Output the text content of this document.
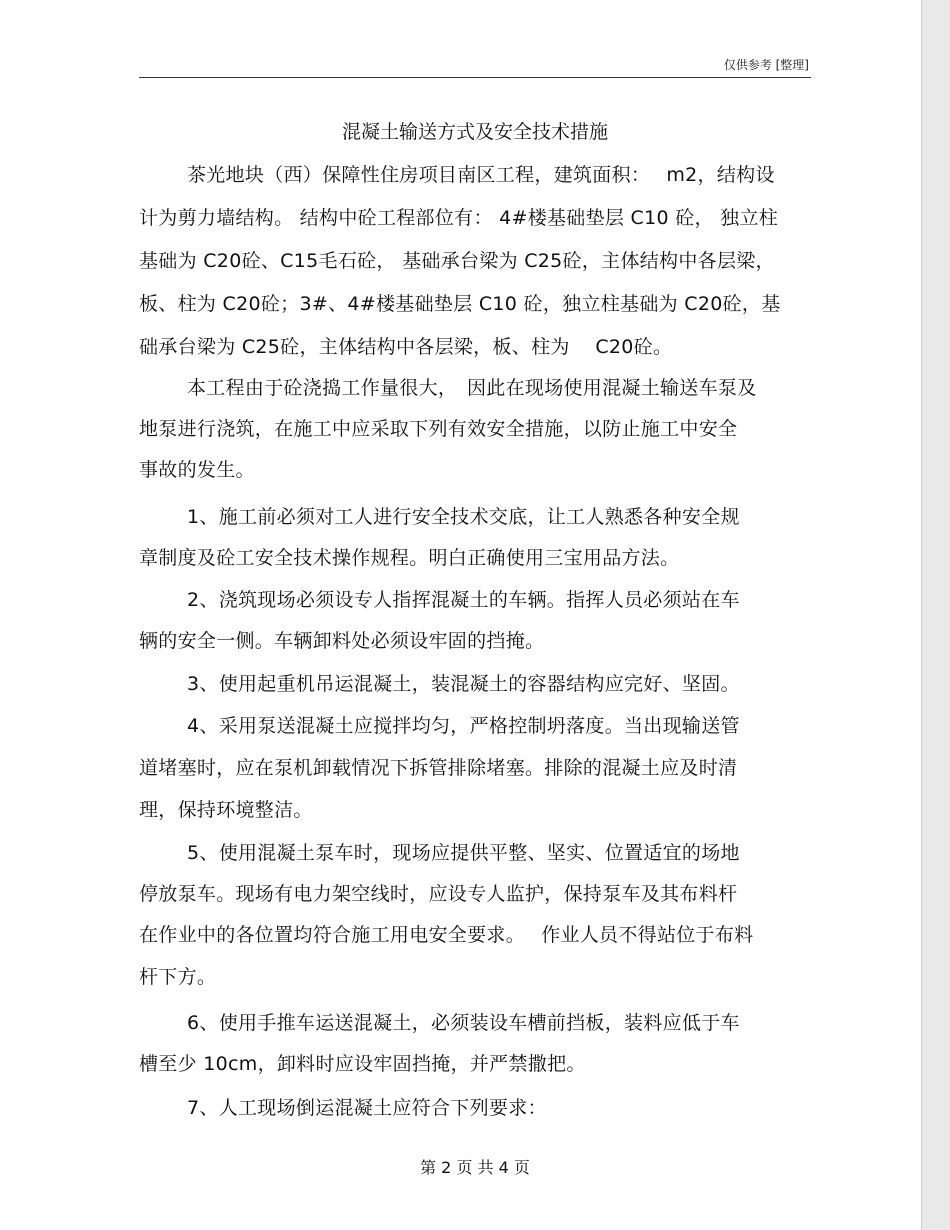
仅供参考 [整理]
混凝土输送方式及安全技术措施
茶光地块（西）保障性住房项目南区工程，建筑面积：　 m2，结构设
计为剪力墙结构。 结构中砼工程部位有： 4#楼基础垫层 C10 砼， 独立柱
基础为 C20砼、C15毛石砼， 基础承台梁为 C25砼，主体结构中各层梁，
板、柱为 C20砼；3#、4#楼基础垫层 C10 砼，独立柱基础为 C20砼，基
础承台梁为 C25砼，主体结构中各层梁，板、柱为　 C20砼。
本工程由于砼浇捣工作量很大，　因此在现场使用混凝土输送车泵及
地泵进行浇筑，在施工中应采取下列有效安全措施，以防止施工中安全
事故的发生。
1、施工前必须对工人进行安全技术交底，让工人熟悉各种安全规
章制度及砼工安全技术操作规程。明白正确使用三宝用品方法。
2、浇筑现场必须设专人指挥混凝土的车辆。指挥人员必须站在车
辆的安全一侧。车辆卸料处必须设牢固的挡掩。
3、使用起重机吊运混凝土，装混凝土的容器结构应完好、坚固。
4、采用泵送混凝土应搅拌均匀，严格控制坍落度。当出现输送管
道堵塞时，应在泵机卸载情况下拆管排除堵塞。排除的混凝土应及时清
理，保持环境整洁。
5、使用混凝土泵车时，现场应提供平整、坚实、位置适宜的场地
停放泵车。现场有电力架空线时，应设专人监护，保持泵车及其布料杆
在作业中的各位置均符合施工用电安全要求。　 作业人员不得站位于布料
杆下方。
6、使用手推车运送混凝土，必须装设车槽前挡板，装料应低于车
槽至少 10cm，卸料时应设牢固挡掩，并严禁撒把。
7、人工现场倒运混凝土应符合下列要求：
第 2 页 共 4 页
